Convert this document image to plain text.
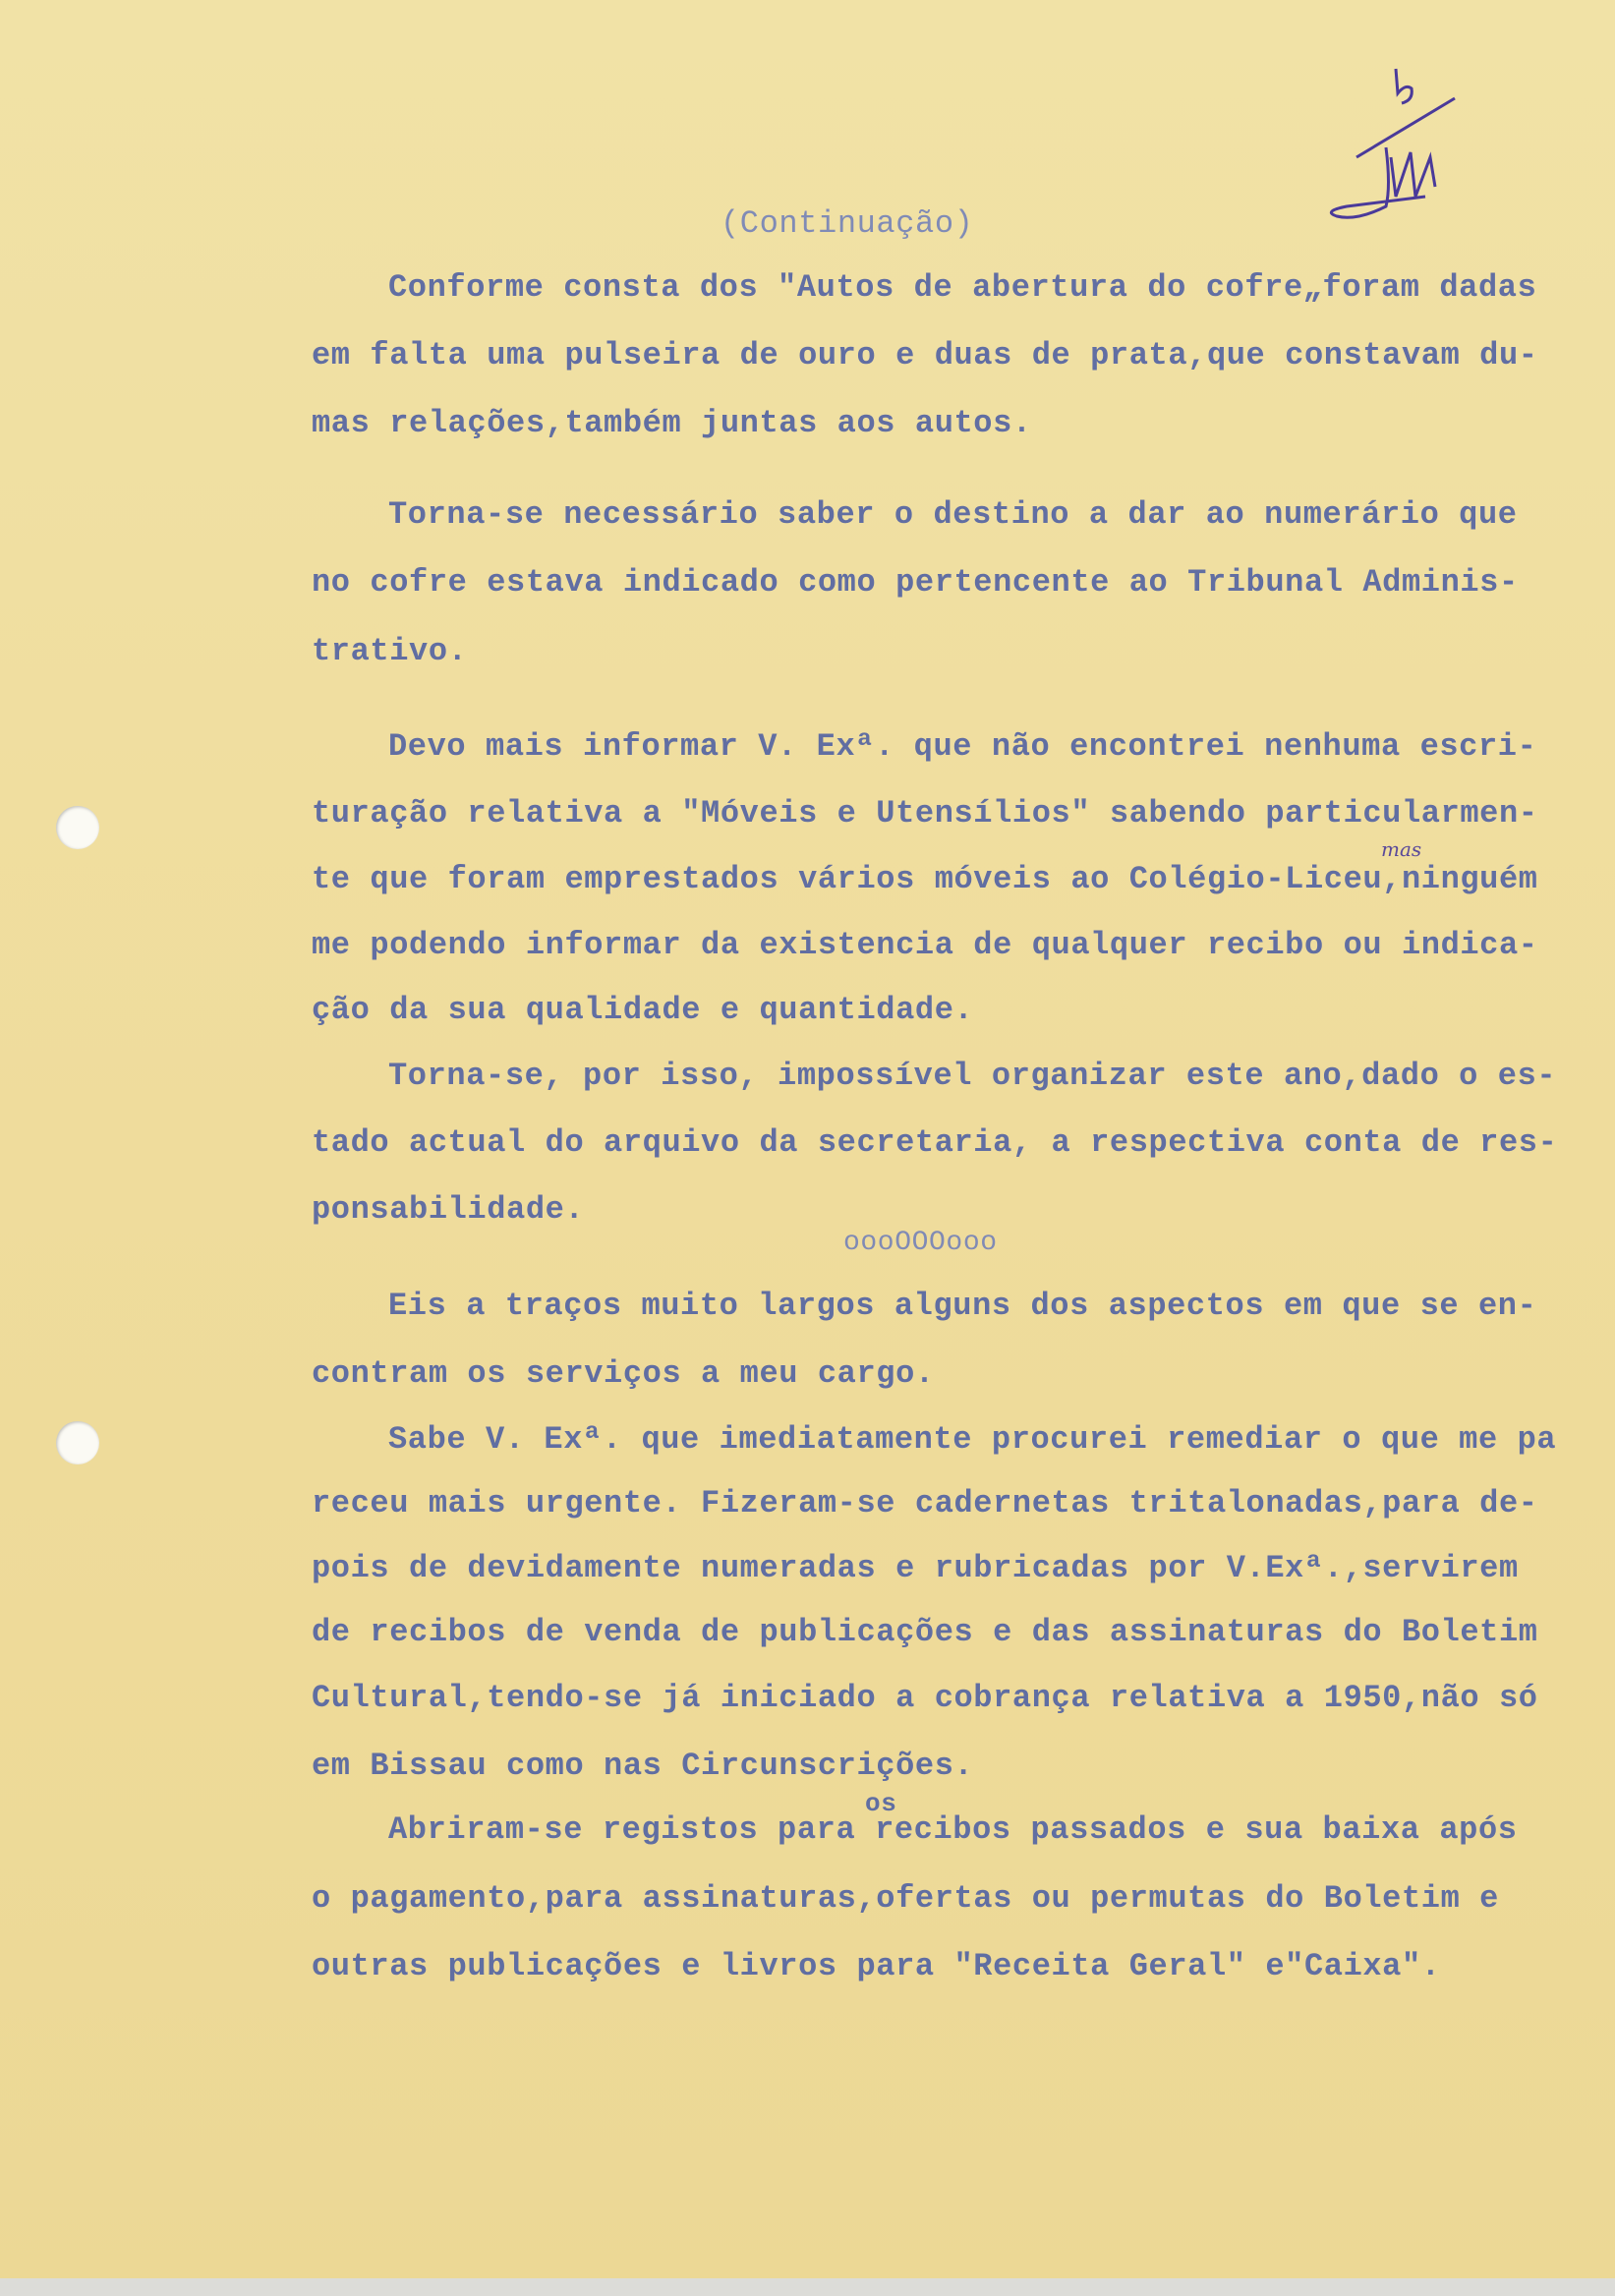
(Continuação)
Conforme consta dos "Autos de abertura do cofre„foram dadas
em falta uma pulseira de ouro e duas de prata,que constavam du-
mas relações,também juntas aos autos.
Torna-se necessário saber o destino a dar ao numerário que
no cofre estava indicado como pertencente ao Tribunal Adminis-
trativo.
Devo mais informar V. Exª. que não encontrei nenhuma escri-
turação relativa a "Móveis e Utensílios" sabendo particularmen-
te que foram emprestados vários móveis ao Colégio-Liceu,ninguém
mas
me podendo informar da existencia de qualquer recibo ou indica-
ção da sua qualidade e quantidade.
Torna-se, por isso, impossível organizar este ano,dado o es-
tado actual do arquivo da secretaria, a respectiva conta de res-
ponsabilidade.
oooOOOooo
Eis a traços muito largos alguns dos aspectos em que se en-
contram os serviços a meu cargo.
Sabe V. Exª. que imediatamente procurei remediar o que me pa
receu mais urgente. Fizeram-se cadernetas tritalonadas,para de-
pois de devidamente numeradas e rubricadas por V.Exª.,servirem
de recibos de venda de publicações e das assinaturas do Boletim
Cultural,tendo-se já iniciado a cobrança relativa a 1950,não só
em Bissau como nas Circunscrições.
os
Abriram-se registos para recibos passados e sua baixa após
o pagamento,para assinaturas,ofertas ou permutas do Boletim e
outras publicações e livros para "Receita Geral" e"Caixa".
